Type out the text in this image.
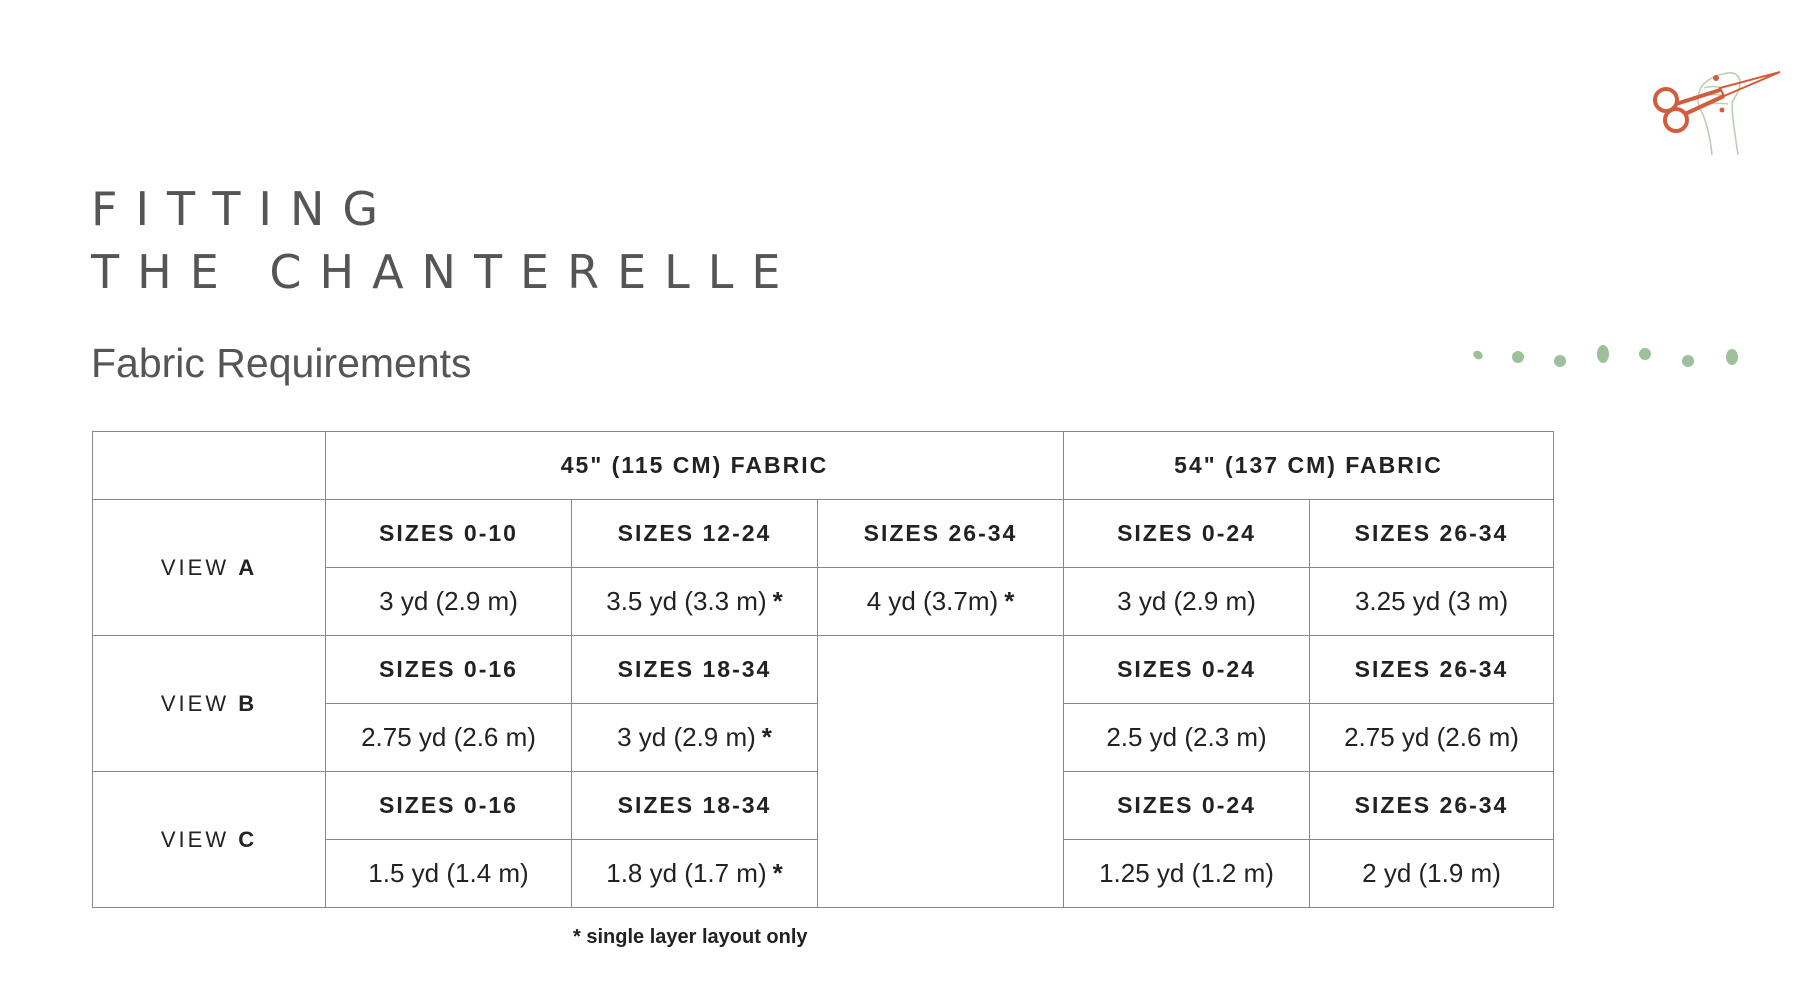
FITTING
THE CHANTERELLE
Fabric Requirements
	45" (115 CM) FABRIC			54" (137 CM) FABRIC	
VIEW A	SIZES 0-10	SIZES 12-24	SIZES 26-34	SIZES 0-24	SIZES 26-34
	3 yd (2.9 m)	3.5 yd (3.3 m) *	4 yd (3.7m) *	3 yd (2.9 m)	3.25 yd (3 m)
VIEW B	SIZES 0-16	SIZES 18-34		SIZES 0-24	SIZES 26-34
	2.75 yd (2.6 m)	3 yd (2.9 m) *		2.5 yd (2.3 m)	2.75 yd (2.6 m)
VIEW C	SIZES 0-16	SIZES 18-34		SIZES 0-24	SIZES 26-34
	1.5 yd (1.4 m)	1.8 yd (1.7 m) *		1.25 yd (1.2 m)	2 yd (1.9 m)
* single layer layout only
